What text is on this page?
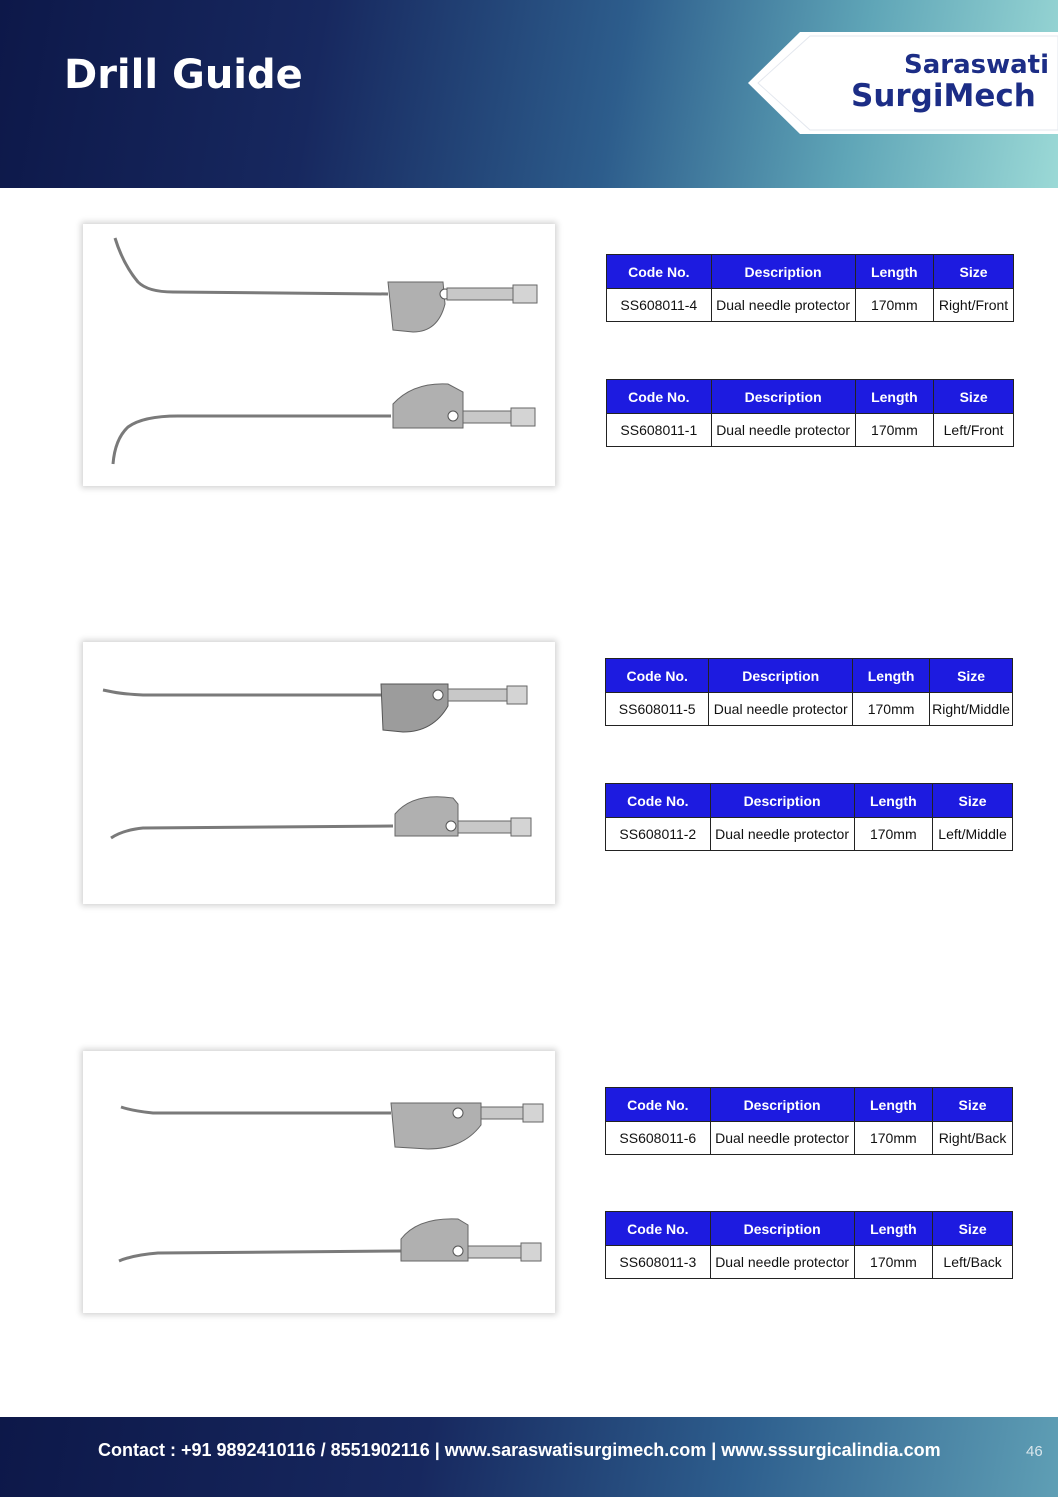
Drill Guide	Saraswati
SurgiMech
Code No.	Description	Length	Size
SS608011-4	Dual needle protector	170mm	Right/Front
Code No.	Description	Length	Size
SS608011-1	Dual needle protector	170mm	Left/Front
Code No.	Description	Length	Size
SS608011-5	Dual needle protector	170mm	Right/Middle
Code No.	Description	Length	Size
SS608011-2	Dual needle protector	170mm	Left/Middle
Code No.	Description	Length	Size
SS608011-6	Dual needle protector	170mm	Right/Back
Code No.	Description	Length	Size
SS608011-3	Dual needle protector	170mm	Left/Back
Contact : +91 9892410116 / 8551902116 | www.saraswatisurgimech.com | www.sssurgicalindia.com	46
